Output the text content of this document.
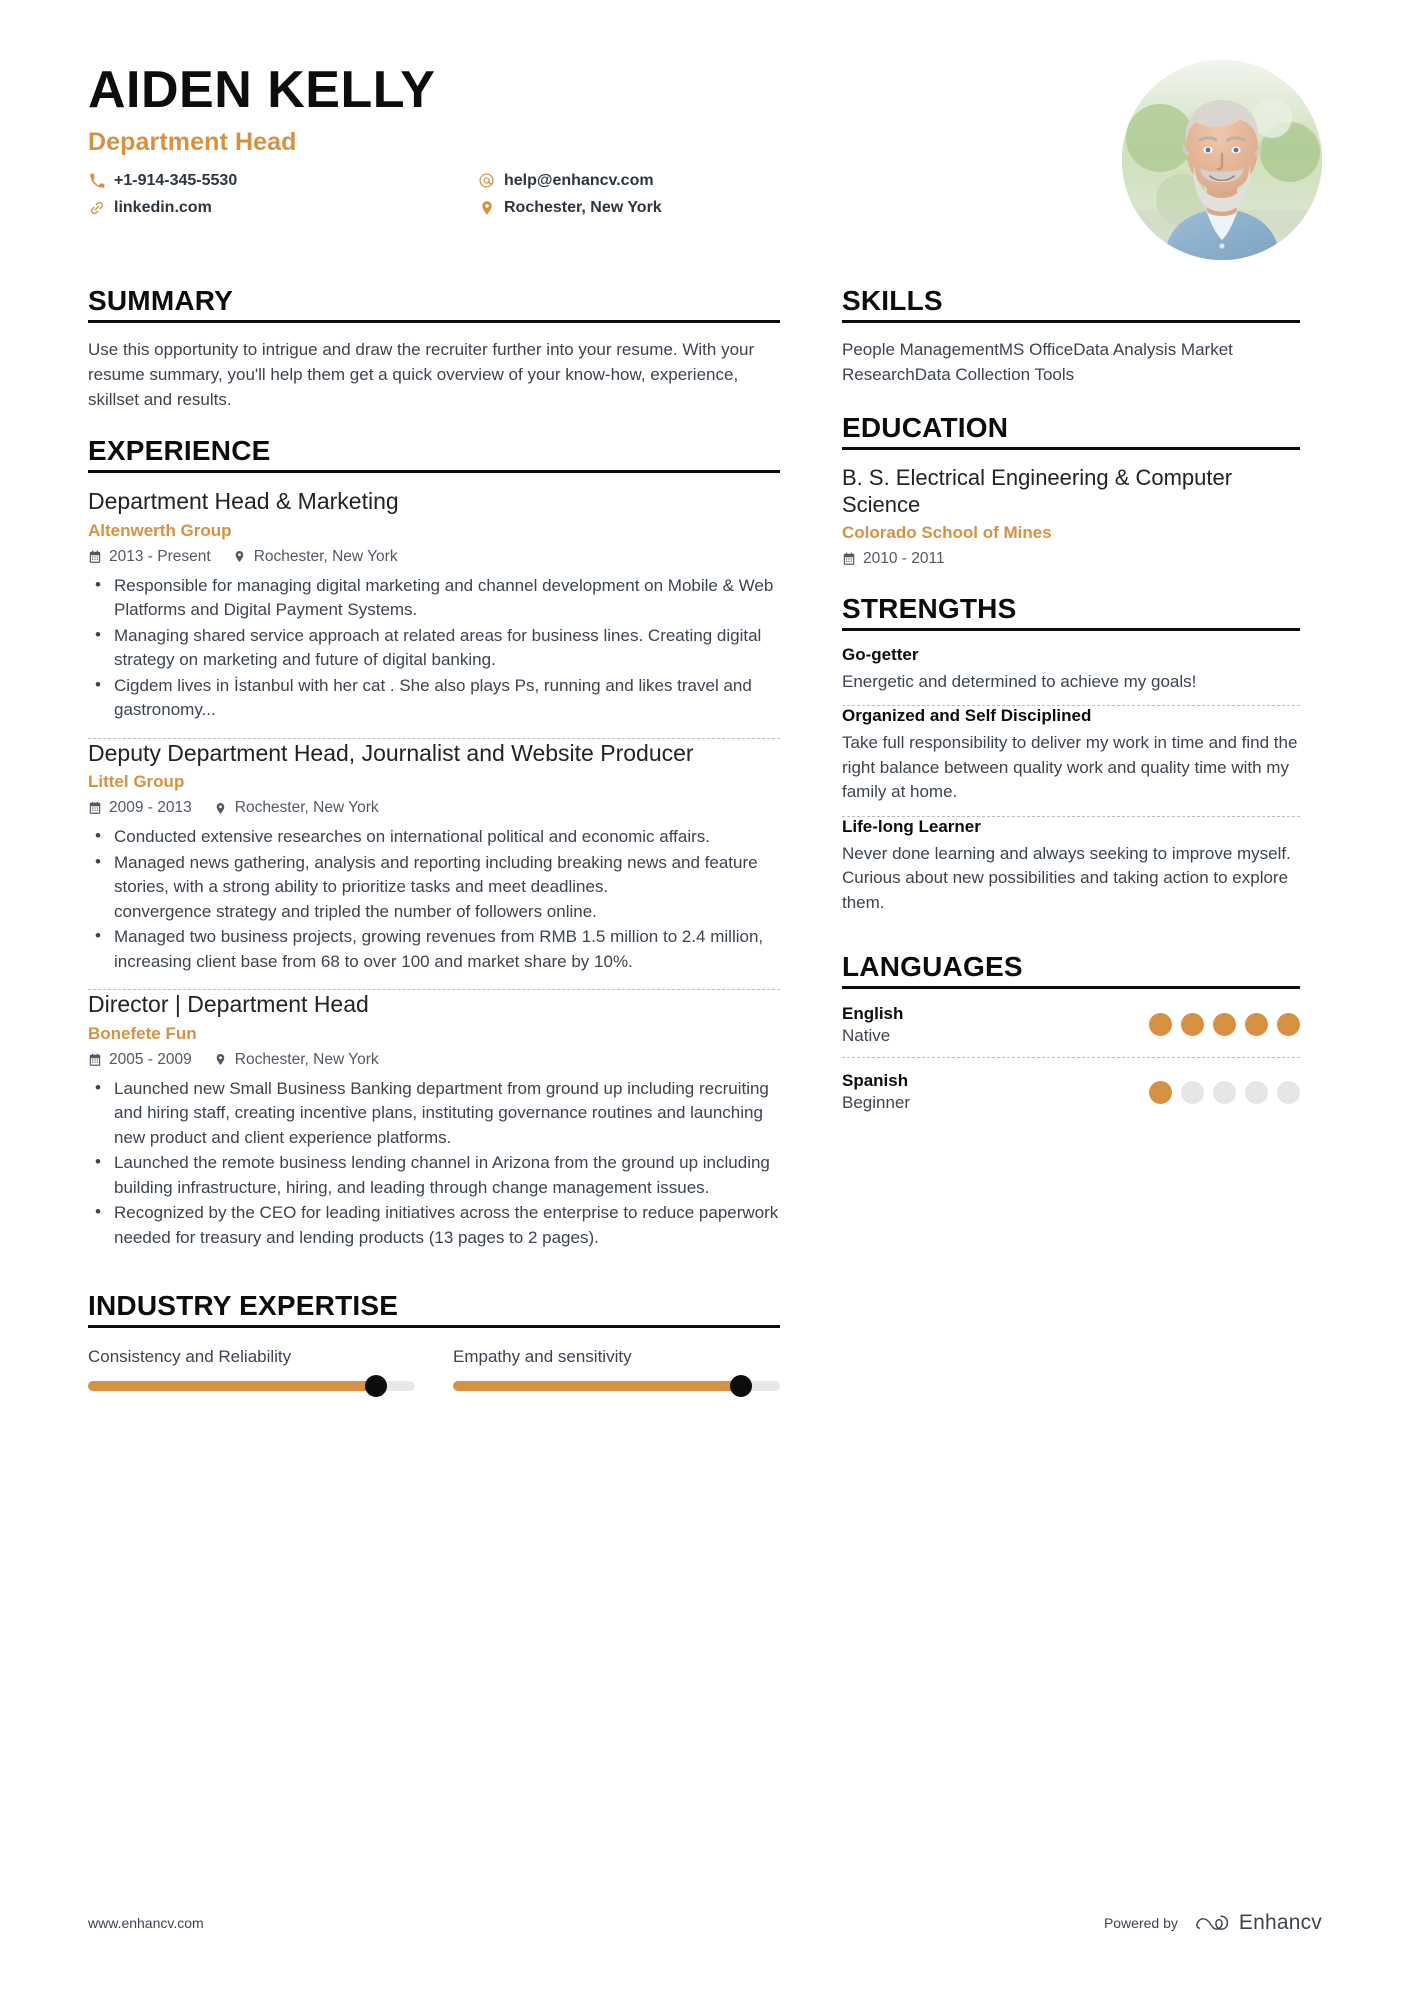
AIDEN KELLY
Department Head
+1-914-345-5530
linkedin.com
help@enhancv.com
Rochester, New York
SUMMARY
Use this opportunity to intrigue and draw the recruiter further into your resume. With your resume summary, you'll help them get a quick overview of your know-how, experience, skillset and results.
EXPERIENCE
Department Head & Marketing
Altenwerth Group
2013 - Present	Rochester, New York
• Responsible for managing digital marketing and channel development on Mobile & Web Platforms and Digital Payment Systems.
• Managing shared service approach at related areas for business lines. Creating digital strategy on marketing and future of digital banking.
• Cigdem lives in İstanbul with her cat . She also plays Ps, running and likes travel and gastronomy...
Deputy Department Head, Journalist and Website Producer
Littel Group
2009 - 2013	Rochester, New York
• Conducted extensive researches on international political and economic affairs.
• Managed news gathering, analysis and reporting including breaking news and feature stories, with a strong ability to prioritize tasks and meet deadlines.
convergence strategy and tripled the number of followers online.
• Managed two business projects, growing revenues from RMB 1.5 million to 2.4 million, increasing client base from 68 to over 100 and market share by 10%.
Director | Department Head
Bonefete Fun
2005 - 2009	Rochester, New York
• Launched new Small Business Banking department from ground up including recruiting and hiring staff, creating incentive plans, instituting governance routines and launching new product and client experience platforms.
• Launched the remote business lending channel in Arizona from the ground up including building infrastructure, hiring, and leading through change management issues.
• Recognized by the CEO for leading initiatives across the enterprise to reduce paperwork needed for treasury and lending products (13 pages to 2 pages).
INDUSTRY EXPERTISE
Consistency and Reliability	Empathy and sensitivity
SKILLS
People ManagementMS OfficeData Analysis Market ResearchData Collection Tools
EDUCATION
B. S. Electrical Engineering & Computer Science
Colorado School of Mines
2010 - 2011
STRENGTHS
Go-getter
Energetic and determined to achieve my goals!
Organized and Self Disciplined
Take full responsibility to deliver my work in time and find the right balance between quality work and quality time with my family at home.
Life-long Learner
Never done learning and always seeking to improve myself. Curious about new possibilities and taking action to explore them.
LANGUAGES
English
Native
Spanish
Beginner
www.enhancv.com	Powered by	Enhancv
